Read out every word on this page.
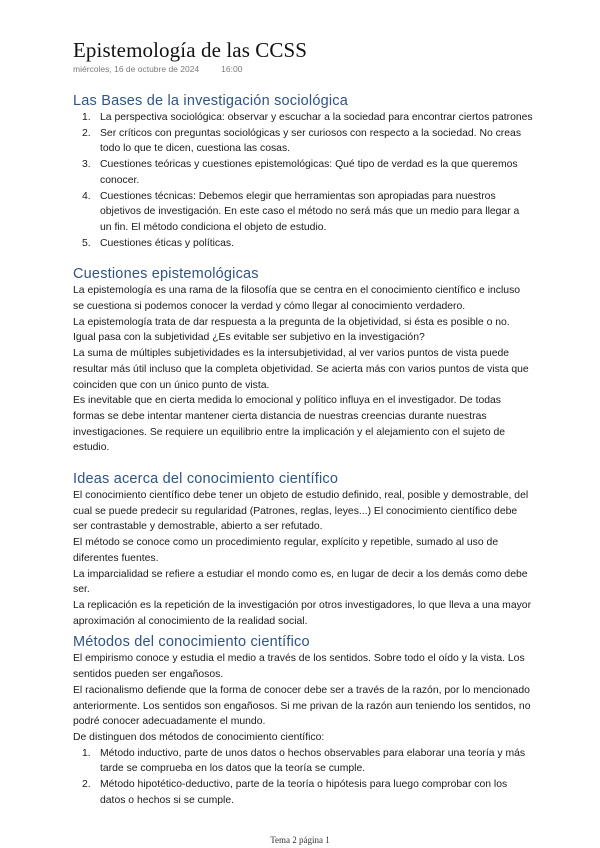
Epistemología de las CCSS
miércoles, 16 de octubre de 2024	16:00
Las Bases de la investigación sociológica
1. La perspectiva sociológica: observar y escuchar a la sociedad para encontrar ciertos patrones
2. Ser críticos con preguntas sociológicas y ser curiosos con respecto a la sociedad. No creas todo lo que te dicen, cuestiona las cosas.
3. Cuestiones teóricas y cuestiones epistemológicas: Qué tipo de verdad es la que queremos conocer.
4. Cuestiones técnicas: Debemos elegir que herramientas son apropiadas para nuestros objetivos de investigación. En este caso el método no será más que un medio para llegar a un fin. El método condiciona el objeto de estudio.
5. Cuestiones éticas y políticas.
Cuestiones epistemológicas

La epistemología es una rama de la filosofía que se centra en el conocimiento científico e incluso se cuestiona si podemos conocer la verdad y cómo llegar al conocimiento verdadero.

La epistemología trata de dar respuesta a la pregunta de la objetividad, si ésta es posible o no. Igual pasa con la subjetividad ¿Es evitable ser subjetivo en la investigación?

La suma de múltiples subjetividades es la intersubjetividad, al ver varios puntos de vista puede resultar más útil incluso que la completa objetividad. Se acierta más con varios puntos de vista que coinciden que con un único punto de vista.

Es inevitable que en cierta medida lo emocional y político influya en el investigador. De todas formas se debe intentar mantener cierta distancia de nuestras creencias durante nuestras investigaciones. Se requiere un equilibrio entre la implicación y el alejamiento con el sujeto de estudio.

Ideas acerca del conocimiento científico

El conocimiento científico debe tener un objeto de estudio definido, real, posible y demostrable, del cual se puede predecir su regularidad (Patrones, reglas, leyes...) El conocimiento científico debe ser contrastable y demostrable, abierto a ser refutado.

El método se conoce como un procedimiento regular, explícito y repetible, sumado al uso de diferentes fuentes.

La imparcialidad se refiere a estudiar el mondo como es, en lugar de decir a los demás como debe ser.

La replicación es la repetición de la investigación por otros investigadores, lo que lleva a una mayor aproximación al conocimiento de la realidad social.

Métodos del conocimiento científico

El empirismo conoce y estudia el medio a través de los sentidos. Sobre todo el oído y la vista. Los sentidos pueden ser engañosos.

El racionalismo defiende que la forma de conocer debe ser a través de la razón, por lo mencionado anteriormente. Los sentidos son engañosos. Si me privan de la razón aun teniendo los sentidos, no podré conocer adecuadamente el mundo.

De distinguen dos métodos de conocimiento científico:

1. Método inductivo, parte de unos datos o hechos observables para elaborar una teoría y más tarde se comprueba en los datos que la teoría se cumple.
2. Método hipotético-deductivo, parte de la teoría o hipótesis para luego comprobar con los datos o hechos si se cumple.
Tema 2 página 1
